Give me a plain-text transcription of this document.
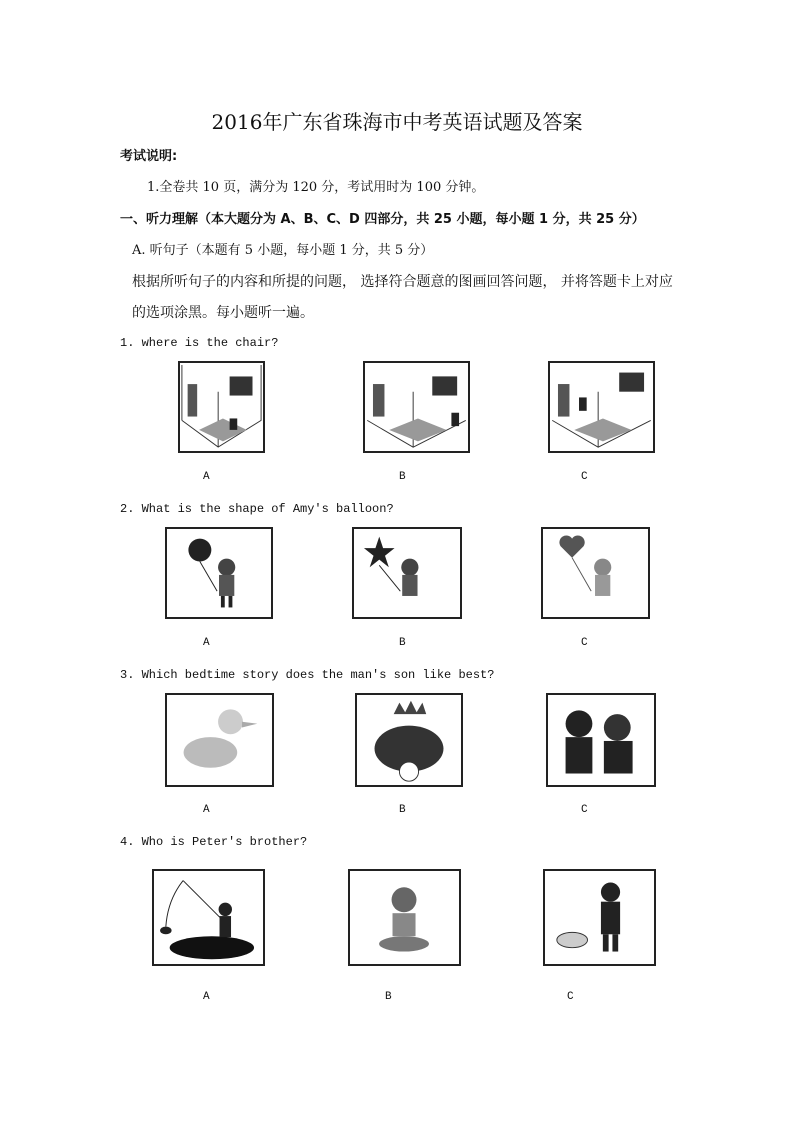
2016年广东省珠海市中考英语试题及答案
考试说明:
1.全卷共 10 页，满分为 120 分，考试用时为 100 分钟。
一、听力理解（本大题分为 A、B、C、D 四部分，共 25 小题，每小题 1 分，共 25 分）
A. 听句子（本题有 5 小题，每小题 1 分，共 5 分）
根据所听句子的内容和所提的问题， 选择符合题意的图画回答问题， 并将答题卡上对应
的选项涂黑。每小题听一遍。
1. where is the chair?
A	B	C
2. What is the shape of Amy's balloon?
A	B	C
3. Which bedtime story does the man's son like best?
A	B	C
4. Who is Peter's brother?
A	B	C
